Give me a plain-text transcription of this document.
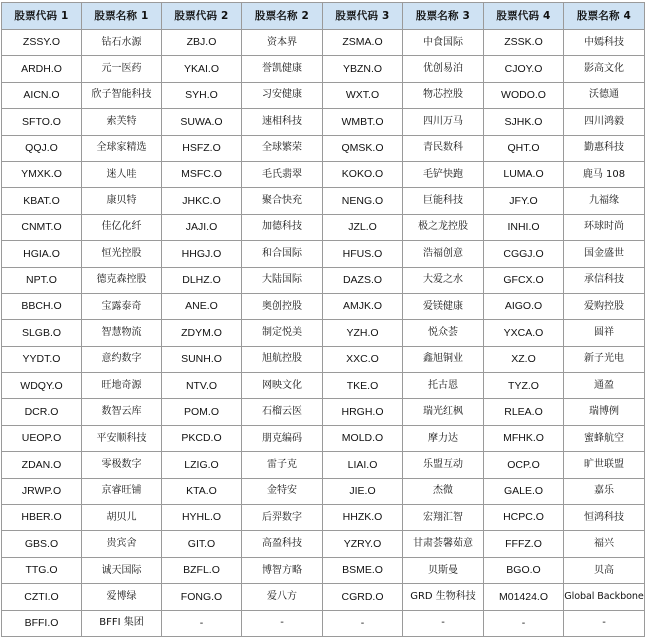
股票代码 1	股票名称 1	股票代码 2	股票名称 2	股票代码 3	股票名称 3	股票代码 4	股票名称 4
ZSSY.O	钻石水源	ZBJ.O	资本界	ZSMA.O	中食国际	ZSSK.O	中嫣科技
ARDH.O	元一医药	YKAI.O	誉凯健康	YBZN.O	优创易泊	CJOY.O	影高文化
AICN.O	欣子智能科技	SYH.O	习安健康	WXT.O	物芯控股	WODO.O	沃德通
SFTO.O	索芙特	SUWA.O	速相科技	WMBT.O	四川万马	SJHK.O	四川鸿毅
QQJ.O	全球家精选	HSFZ.O	全球繁荣	QMSK.O	青民数科	QHT.O	勤惠科技
YMXK.O	迷人哇	MSFC.O	毛氏翡翠	KOKO.O	毛铲快跑	LUMA.O	鹿马 108
KBAT.O	康贝特	JHKC.O	聚合快充	NENG.O	巨能科技	JFY.O	九福缘
CNMT.O	佳亿化纤	JAJI.O	加德科技	JZL.O	极之龙控股	INHI.O	环球时尚
HGIA.O	恒光控股	HHGJ.O	和合国际	HFUS.O	浩福创意	CGGJ.O	国金盛世
NPT.O	德克森控股	DLHZ.O	大陆国际	DAZS.O	大爱之水	GFCX.O	承信科技
BBCH.O	宝露泰奇	ANE.O	奥创控股	AMJK.O	爱镁健康	AIGO.O	爱购控股
SLGB.O	智慧物流	ZDYM.O	制定悦美	YZH.O	悦众荟	YXCA.O	圆祥
YYDT.O	意约数字	SUNH.O	旭航控股	XXC.O	鑫旭铜业	XZ.O	新子光电
WDQY.O	旺地奇源	NTV.O	网映文化	TKE.O	托古恩	TYZ.O	通盈
DCR.O	数智云库	POM.O	石榴云医	HRGH.O	瑞光红枫	RLEA.O	瑞博例
UEOP.O	平安顺科技	PKCD.O	朋克编码	MOLD.O	摩力达	MFHK.O	蜜蜂航空
ZDAN.O	零极数字	LZIG.O	雷子克	LIAI.O	乐盟互动	OCP.O	旷世联盟
JRWP.O	京睿旺铺	KTA.O	金特安	JIE.O	杰微	GALE.O	嘉乐
HBER.O	胡贝儿	HYHL.O	后羿数字	HHZK.O	宏翔汇智	HCPC.O	恒鸿科技
GBS.O	贵宾舍	GIT.O	高盈科技	YZRY.O	甘肃荟馨茹意	FFFZ.O	福兴
TTG.O	诚天国际	BZFL.O	博智方略	BSME.O	贝斯曼	BGO.O	贝高
CZTI.O	爱博绿	FONG.O	爱八方	CGRD.O	GRD 生物科技	M01424.O	Global Backbone
BFFI.O	BFFI 集团	-	-	-	-	-	-
